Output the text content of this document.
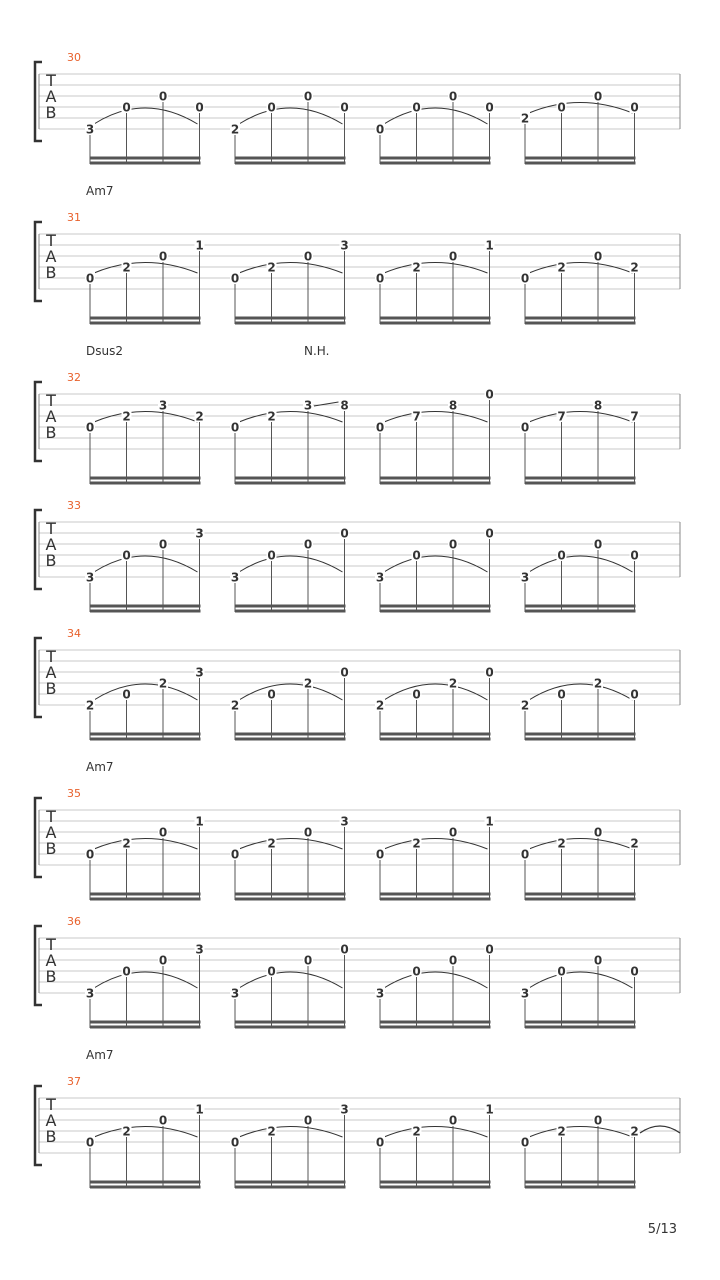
30
T
A
B
3
0
0
0
2
0
0
0
0
0
0
0
2
0
0
0
31
Am7
T
A
B 0
2
0
1
0
2
0
3
0
2
0
1
0
2
0
2
32
Dsus2	N.H.
T
A
B 0
2
3
2
0
2
3 8
0
7
8
0
0
7
8
7
33
T
A
B
3
0
0
3
3
0
0
0
3
0
0
0
3
0
0
0
34
T
A
B
2
0
2
3
2
0
2
0
2
0
2
0
2
0
2
0
35
Am7
T
A
B 0
2
0
1
0
2
0
3
0
2
0
1
0
2
0
2
36
T
A
B
3
0
0
3
3
0
0
0
3
0
0
0
3
0
0
0
37
Am7
T
A
B 0
2
0
1
0
2
0
3
0
2
0
1
0
2
0
2
5/13
